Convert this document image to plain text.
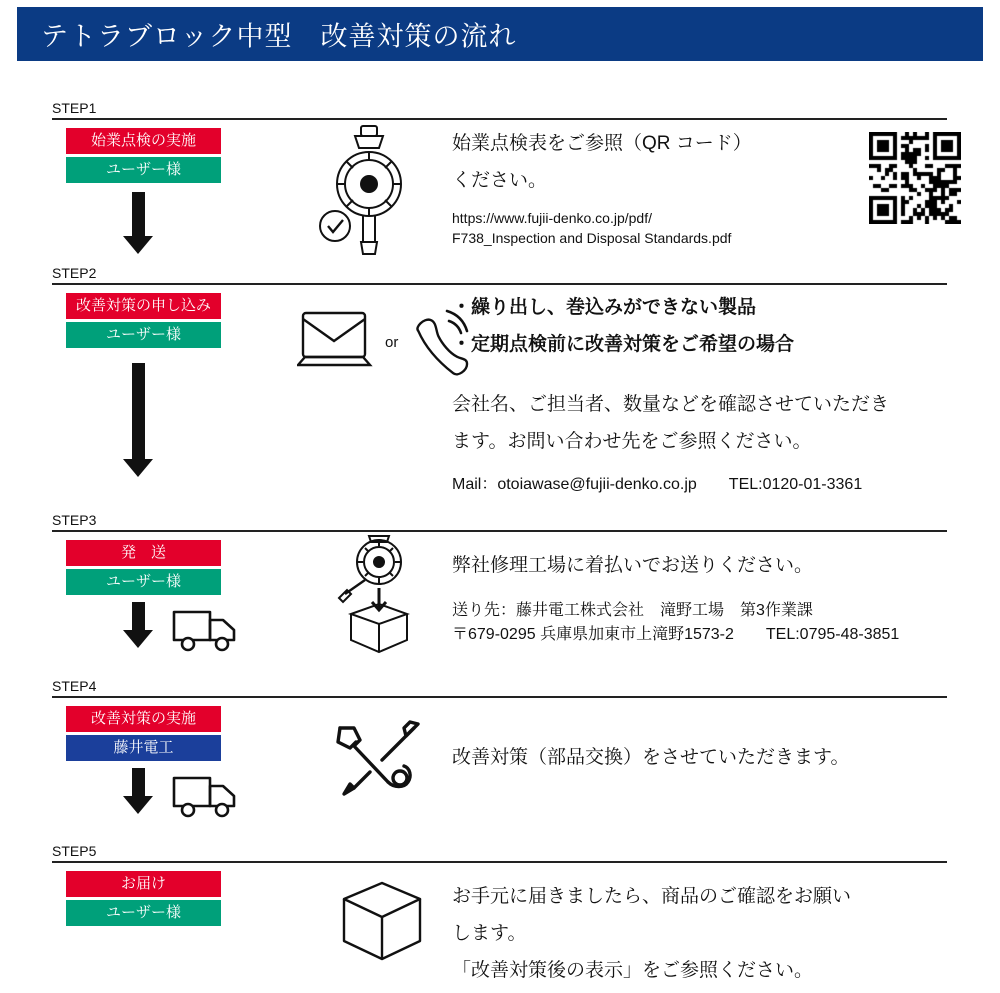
テトラブロック中型　改善対策の流れ
STEP1
始業点検の実施
ユーザー様
始業点検表をご参照（QR コード）
ください。
https://www.fujii-denko.co.jp/pdf/
F738_Inspection and Disposal Standards.pdf
STEP2
改善対策の申し込み
ユーザー様	or
・繰り出し、巻込みができない製品
・定期点検前に改善対策をご希望の場合
会社名、ご担当者、数量などを確認させていただき
ます。お問い合わせ先をご参照ください。
Mail：otoiawase@fujii-denko.co.jp　　TEL:0120-01-3361
STEP3
発　送
ユーザー様
弊社修理工場に着払いでお送りください。
送り先：藤井電工株式会社　滝野工場　第3作業課
〒679-0295 兵庫県加東市上滝野1573-2　　TEL:0795-48-3851
STEP4
改善対策の実施
藤井電工	改善対策（部品交換）をさせていただきます。
STEP5
お届け
ユーザー様
お手元に届きましたら、商品のご確認をお願い
します。
「改善対策後の表示」をご参照ください。
